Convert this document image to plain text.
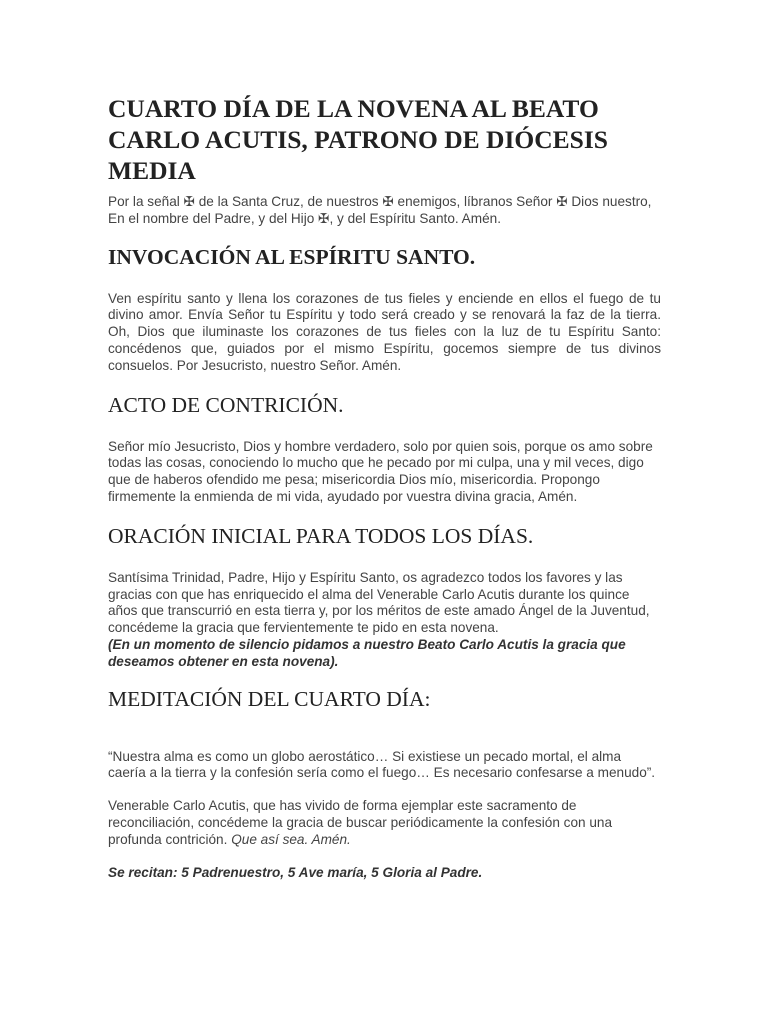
CUARTO DÍA DE LA NOVENA AL BEATO CARLO ACUTIS, PATRONO DE DIÓCESIS MEDIA

Por la señal ✠ de la Santa Cruz, de nuestros ✠ enemigos, líbranos Señor ✠ Dios nuestro, En el nombre del Padre, y del Hijo ✠, y del Espíritu Santo. Amén.

INVOCACIÓN AL ESPÍRITU SANTO.

Ven espíritu santo y llena los corazones de tus fieles y enciende en ellos el fuego de tu divino amor. Envía Señor tu Espíritu y todo será creado y se renovará la faz de la tierra. Oh, Dios que iluminaste los corazones de tus fieles con la luz de tu Espíritu Santo: concédenos que, guiados por el mismo Espíritu, gocemos siempre de tus divinos consuelos. Por Jesucristo, nuestro Señor. Amén.

ACTO DE CONTRICIÓN.

Señor mío Jesucristo, Dios y hombre verdadero, solo por quien sois, porque os amo sobre todas las cosas, conociendo lo mucho que he pecado por mi culpa, una y mil veces, digo que de haberos ofendido me pesa; misericordia Dios mío, misericordia. Propongo firmemente la enmienda de mi vida, ayudado por vuestra divina gracia, Amén.

ORACIÓN INICIAL PARA TODOS LOS DÍAS.

Santísima Trinidad, Padre, Hijo y Espíritu Santo, os agradezco todos los favores y las gracias con que has enriquecido el alma del Venerable Carlo Acutis durante los quince años que transcurrió en esta tierra y, por los méritos de este amado Ángel de la Juventud, concédeme la gracia que fervientemente te pido en esta novena.

(En un momento de silencio pidamos a nuestro Beato Carlo Acutis la gracia que deseamos obtener en esta novena).

MEDITACIÓN DEL CUARTO DÍA:

“Nuestra alma es como un globo aerostático… Si existiese un pecado mortal, el alma caería a la tierra y la confesión sería como el fuego… Es necesario confesarse a menudo”.

Venerable Carlo Acutis, que has vivido de forma ejemplar este sacramento de reconciliación, concédeme la gracia de buscar periódicamente la confesión con una profunda contrición. Que así sea. Amén.

Se recitan: 5 Padrenuestro, 5 Ave maría, 5 Gloria al Padre.
